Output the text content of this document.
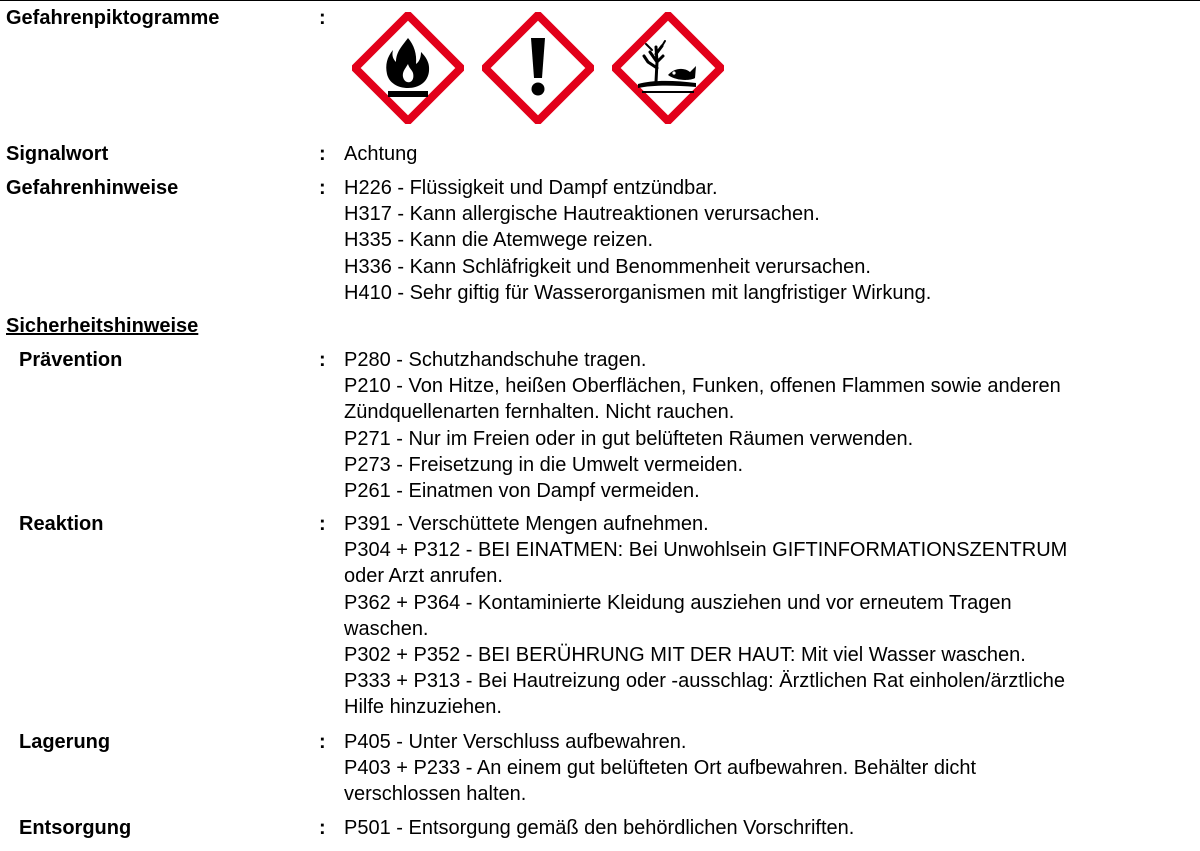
Gefahrenpiktogramme	:
Signalwort	: Achtung
Gefahrenhinweise	: H226 - Flüssigkeit und Dampf entzündbar.
H317 - Kann allergische Hautreaktionen verursachen.
H335 - Kann die Atemwege reizen.
H336 - Kann Schläfrigkeit und Benommenheit verursachen.
H410 - Sehr giftig für Wasserorganismen mit langfristiger Wirkung.
Sicherheitshinweise
Prävention	: P280 - Schutzhandschuhe tragen.
P210 - Von Hitze, heißen Oberflächen, Funken, offenen Flammen sowie anderen
Zündquellenarten fernhalten. Nicht rauchen.
P271 - Nur im Freien oder in gut belüfteten Räumen verwenden.
P273 - Freisetzung in die Umwelt vermeiden.
P261 - Einatmen von Dampf vermeiden.
Reaktion	: P391 - Verschüttete Mengen aufnehmen.
P304 + P312 - BEI EINATMEN: Bei Unwohlsein GIFTINFORMATIONSZENTRUM
oder Arzt anrufen.
P362 + P364 - Kontaminierte Kleidung ausziehen und vor erneutem Tragen
waschen.
P302 + P352 - BEI BERÜHRUNG MIT DER HAUT: Mit viel Wasser waschen.
P333 + P313 - Bei Hautreizung oder -ausschlag: Ärztlichen Rat einholen/ärztliche
Hilfe hinzuziehen.
Lagerung	: P405 - Unter Verschluss aufbewahren.
P403 + P233 - An einem gut belüfteten Ort aufbewahren. Behälter dicht
verschlossen halten.
Entsorgung	: P501 - Entsorgung gemäß den behördlichen Vorschriften.
